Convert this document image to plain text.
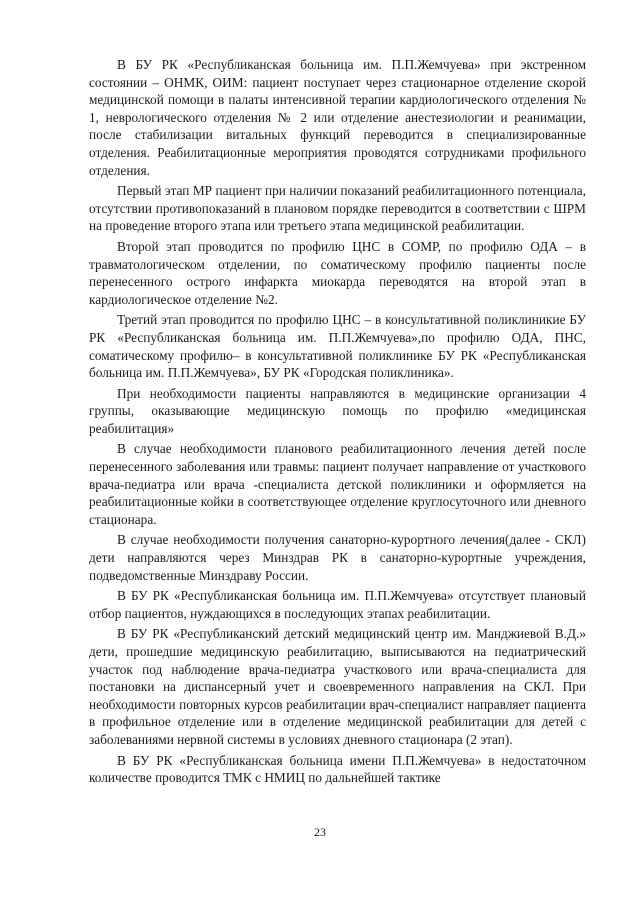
В БУ РК «Республиканская больница им. П.П.Жемчуева» при экстренном состоянии – ОНМК, ОИМ: пациент поступает через стационарное отделение скорой медицинской помощи в палаты интенсивной терапии кардиологического отделения № 1, неврологического отделения № 2 или отделение анестезиологии и реанимации, после стабилизации витальных функций переводится в специализированные отделения. Реабилитационные мероприятия проводятся сотрудниками профильного отделения.

Первый этап МР пациент при наличии показаний реабилитационного потенциала, отсутствии противопоказаний в плановом порядке переводится в соответствии с ШРМ на проведение второго этапа или третьего этапа медицинской реабилитации.

Второй этап проводится по профилю ЦНС в СОМР, по профилю ОДА – в травматологическом отделении, по соматическому профилю пациенты после перенесенного острого инфаркта миокарда переводятся на второй этап в кардиологическое отделение №2.

Третий этап проводится по профилю ЦНС – в консультативной поликлиникие БУ РК «Республиканская больница им. П.П.Жемчуева»,по профилю ОДА, ПНС, соматическому профилю– в консультативной поликлинике БУ РК «Республиканская больница им. П.П.Жемчуева», БУ РК «Городская поликлиника».

При необходимости пациенты направляются в медицинские организации 4 группы, оказывающие медицинскую помощь по профилю «медицинская реабилитация»

В случае необходимости планового реабилитационного лечения детей после перенесенного заболевания или травмы: пациент получает направление от участкового врача-педиатра или врача -специалиста детской поликлиники и оформляется на реабилитационные койки в соответствующее отделение круглосуточного или дневного стационара.

В случае необходимости получения санаторно-курортного лечения(далее - СКЛ) дети направляются через Минздрав РК в санаторно-курортные учреждения, подведомственные Минздраву России.

В БУ РК «Республиканская больница им. П.П.Жемчуева» отсутствует плановый отбор пациентов, нуждающихся в последующих этапах реабилитации.

В БУ РК «Республиканский детский медицинский центр им. Манджиевой В.Д.» дети, прошедшие медицинскую реабилитацию, выписываются на педиатрический участок под наблюдение врача-педиатра участкового или врача-специалиста для постановки на диспансерный учет и своевременного направления на СКЛ. При необходимости повторных курсов реабилитации врач-специалист направляет пациента в профильное отделение или в отделение медицинской реабилитации для детей с заболеваниями нервной системы в условиях дневного стационара (2 этап).

В БУ РК «Республиканская больница имени П.П.Жемчуева» в недостаточном количестве проводится ТМК с НМИЦ по дальнейшей тактике

23
